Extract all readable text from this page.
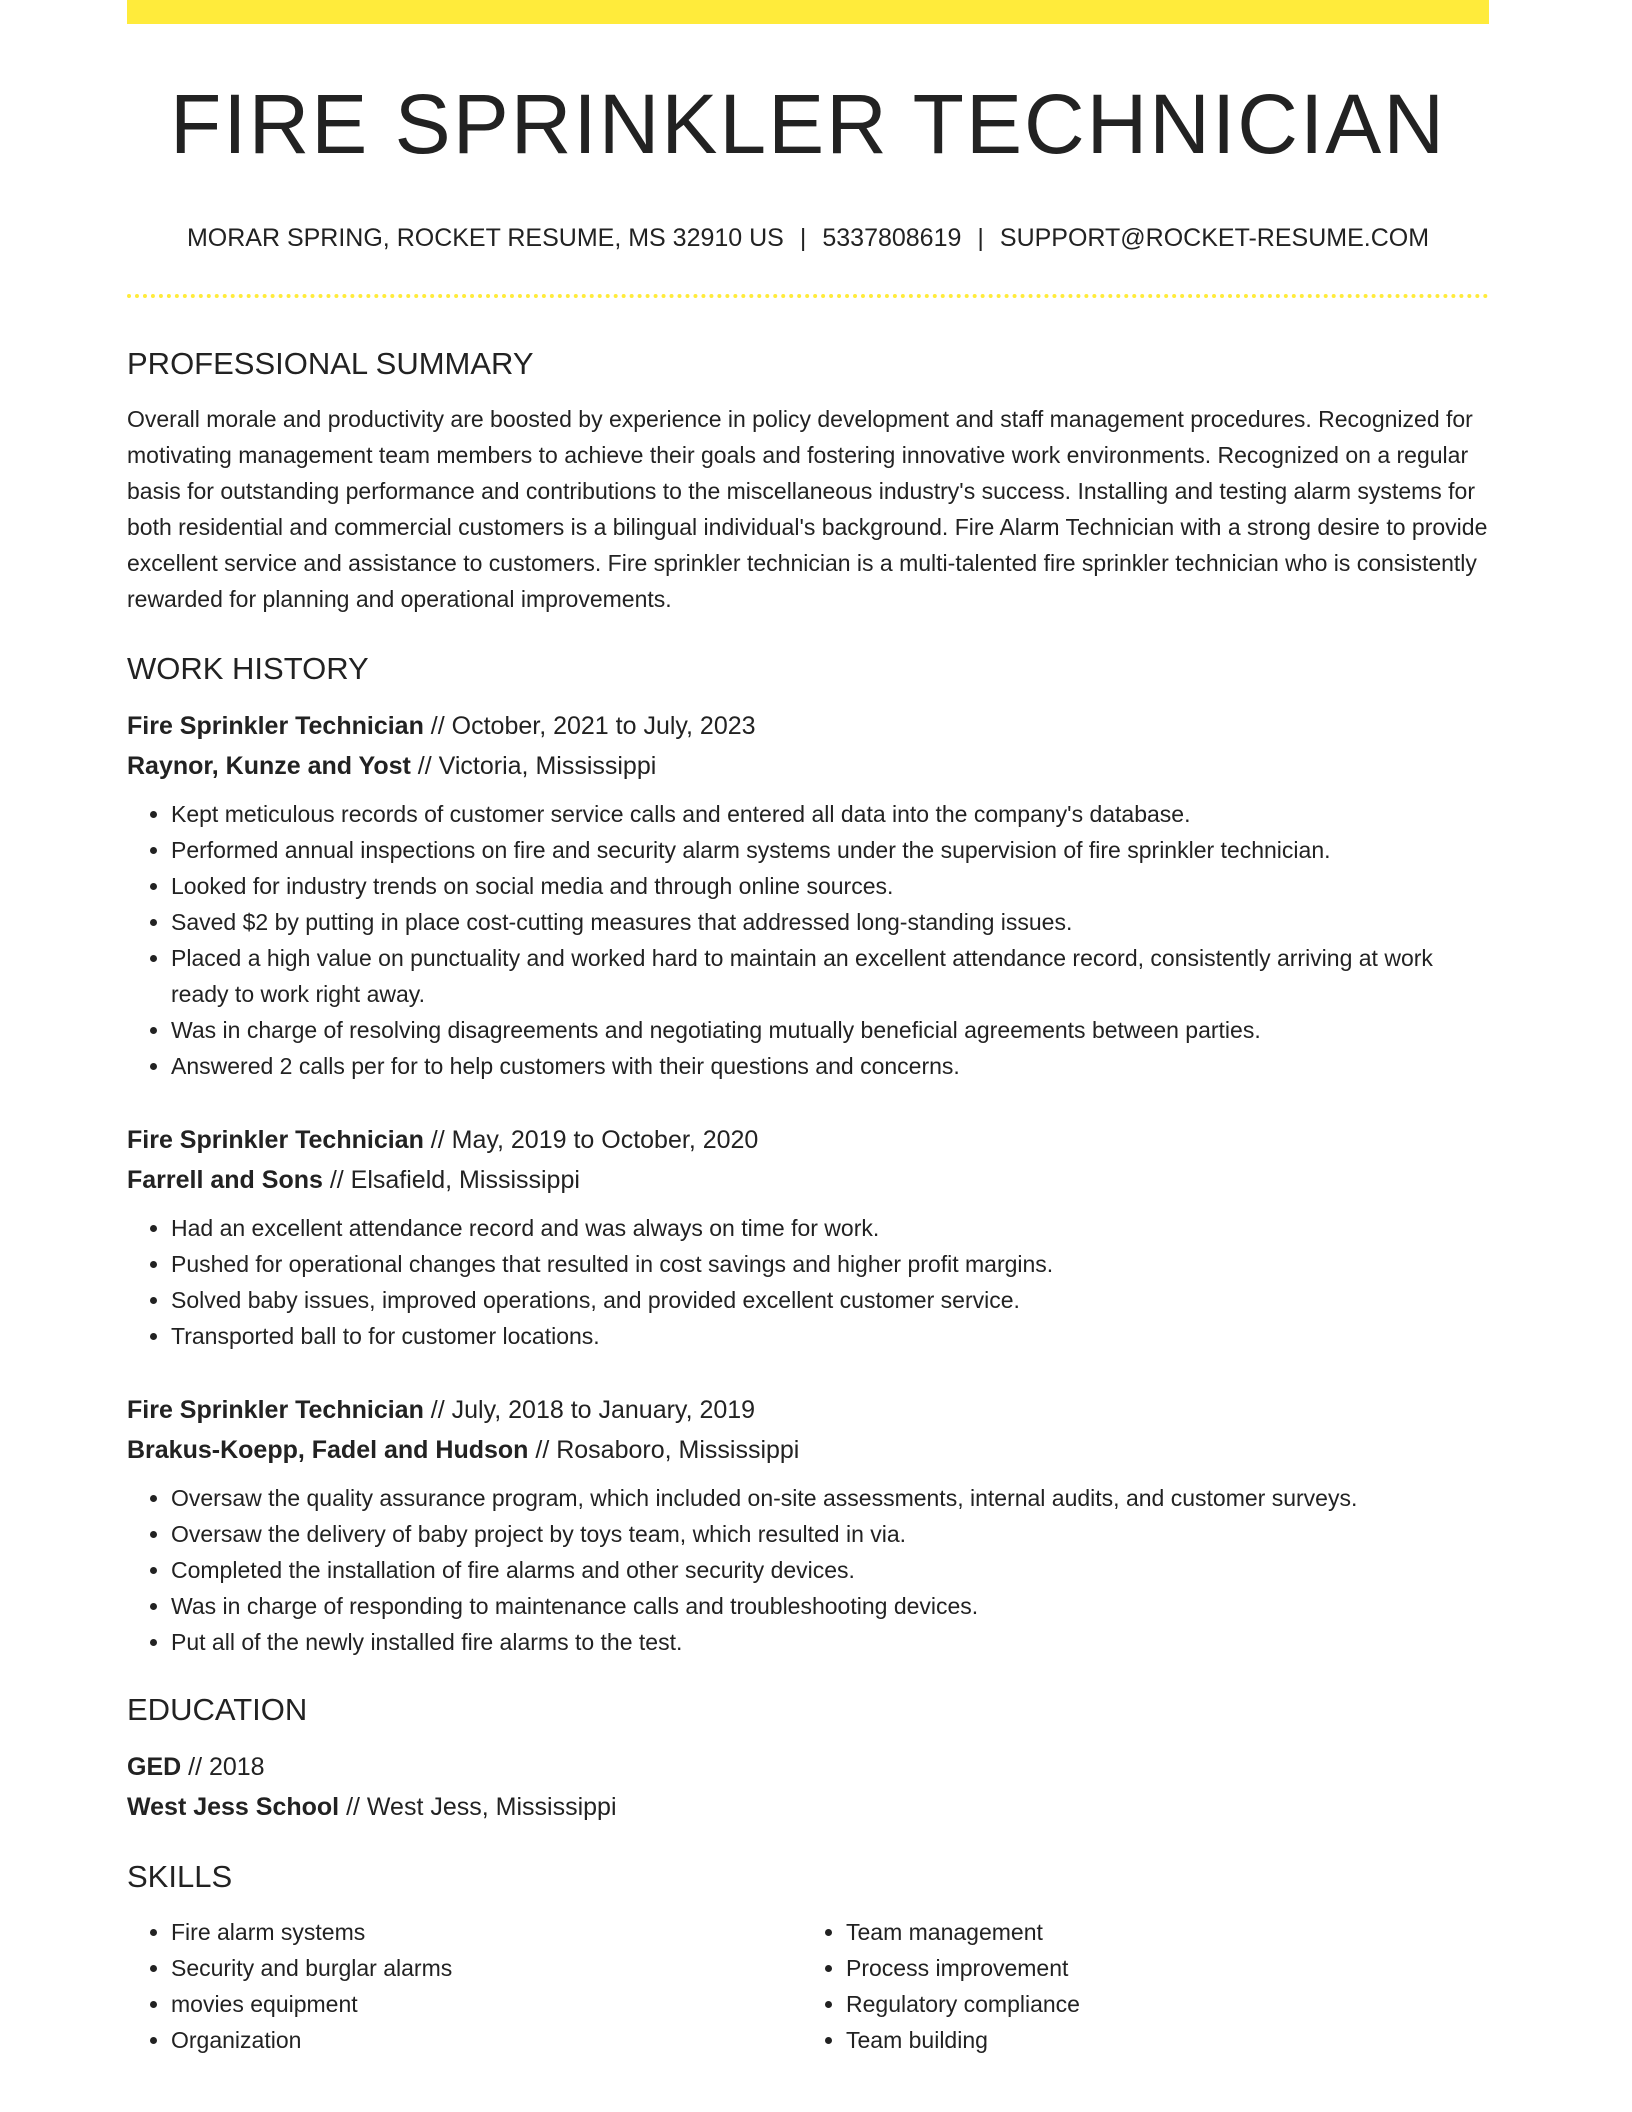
FIRE SPRINKLER TECHNICIAN
MORAR SPRING, ROCKET RESUME, MS 32910 US | 5337808619 | SUPPORT@ROCKET-RESUME.COM
PROFESSIONAL SUMMARY
Overall morale and productivity are boosted by experience in policy development and staff management procedures. Recognized for motivating management team members to achieve their goals and fostering innovative work environments. Recognized on a regular basis for outstanding performance and contributions to the miscellaneous industry's success. Installing and testing alarm systems for both residential and commercial customers is a bilingual individual's background. Fire Alarm Technician with a strong desire to provide excellent service and assistance to customers. Fire sprinkler technician is a multi-talented fire sprinkler technician who is consistently rewarded for planning and operational improvements.
WORK HISTORY
Fire Sprinkler Technician // October, 2021 to July, 2023
Raynor, Kunze and Yost // Victoria, Mississippi
• Kept meticulous records of customer service calls and entered all data into the company's database.
• Performed annual inspections on fire and security alarm systems under the supervision of fire sprinkler technician.
• Looked for industry trends on social media and through online sources.
• Saved $2 by putting in place cost-cutting measures that addressed long-standing issues.
• Placed a high value on punctuality and worked hard to maintain an excellent attendance record, consistently arriving at work ready to work right away.
• Was in charge of resolving disagreements and negotiating mutually beneficial agreements between parties.
• Answered 2 calls per for to help customers with their questions and concerns.
Fire Sprinkler Technician // May, 2019 to October, 2020
Farrell and Sons // Elsafield, Mississippi
• Had an excellent attendance record and was always on time for work.
• Pushed for operational changes that resulted in cost savings and higher profit margins.
• Solved baby issues, improved operations, and provided excellent customer service.
• Transported ball to for customer locations.
Fire Sprinkler Technician // July, 2018 to January, 2019
Brakus-Koepp, Fadel and Hudson // Rosaboro, Mississippi
• Oversaw the quality assurance program, which included on-site assessments, internal audits, and customer surveys.
• Oversaw the delivery of baby project by toys team, which resulted in via.
• Completed the installation of fire alarms and other security devices.
• Was in charge of responding to maintenance calls and troubleshooting devices.
• Put all of the newly installed fire alarms to the test.
EDUCATION
GED // 2018
West Jess School // West Jess, Mississippi
SKILLS
• Fire alarm systems
• Security and burglar alarms
• movies equipment
• Organization
• Team management
• Process improvement
• Regulatory compliance
• Team building
